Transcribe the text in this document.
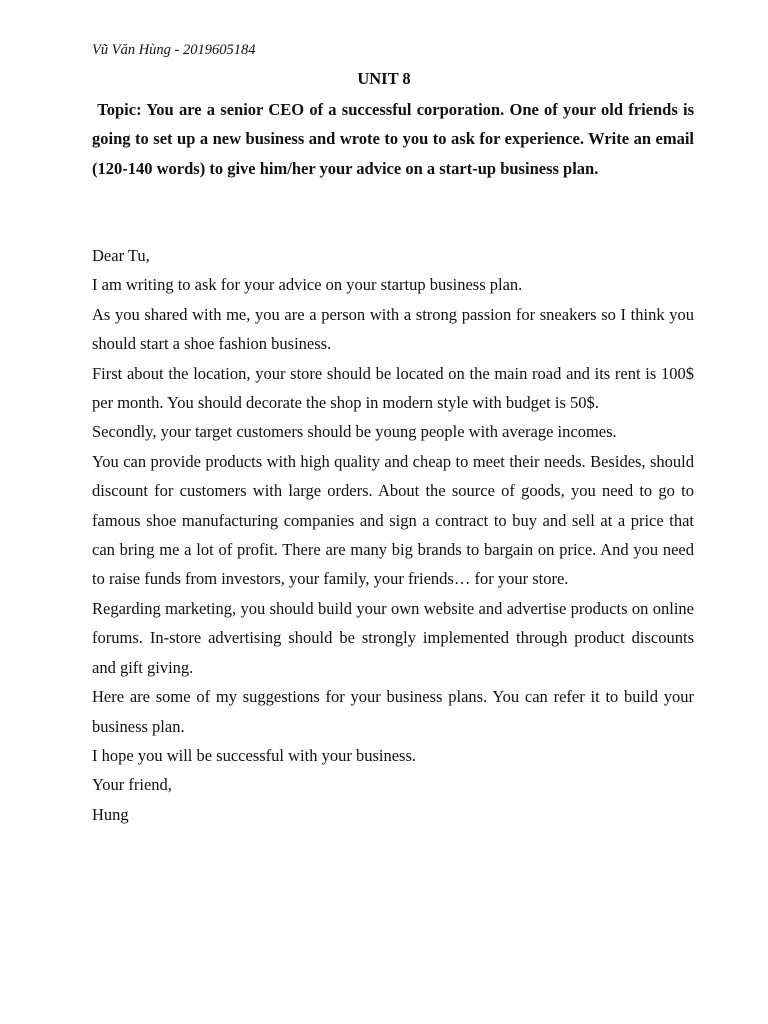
Vũ Văn Hùng - 2019605184
UNIT 8

Topic: You are a senior CEO of a successful corporation. One of your old friends is going to set up a new business and wrote to you to ask for experience. Write an email (120-140 words) to give him/her your advice on a start-up business plan.

Dear Tu,

I am writing to ask for your advice on your startup business plan.

As you shared with me, you are a person with a strong passion for sneakers so I think you should start a shoe fashion business.

First about the location, your store should be located on the main road and its rent is 100$ per month. You should decorate the shop in modern style with budget is 50$.

Secondly, your target customers should be young people with average incomes.

You can provide products with high quality and cheap to meet their needs. Besides, should discount for customers with large orders. About the source of goods, you need to go to famous shoe manufacturing companies and sign a contract to buy and sell at a price that can bring me a lot of profit. There are many big brands to bargain on price. And you need to raise funds from investors, your family, your friends… for your store.

Regarding marketing, you should build your own website and advertise products on online forums. In-store advertising should be strongly implemented through product discounts and gift giving.

Here are some of my suggestions for your business plans. You can refer it to build your business plan.

I hope you will be successful with your business.

Your friend,

Hung
